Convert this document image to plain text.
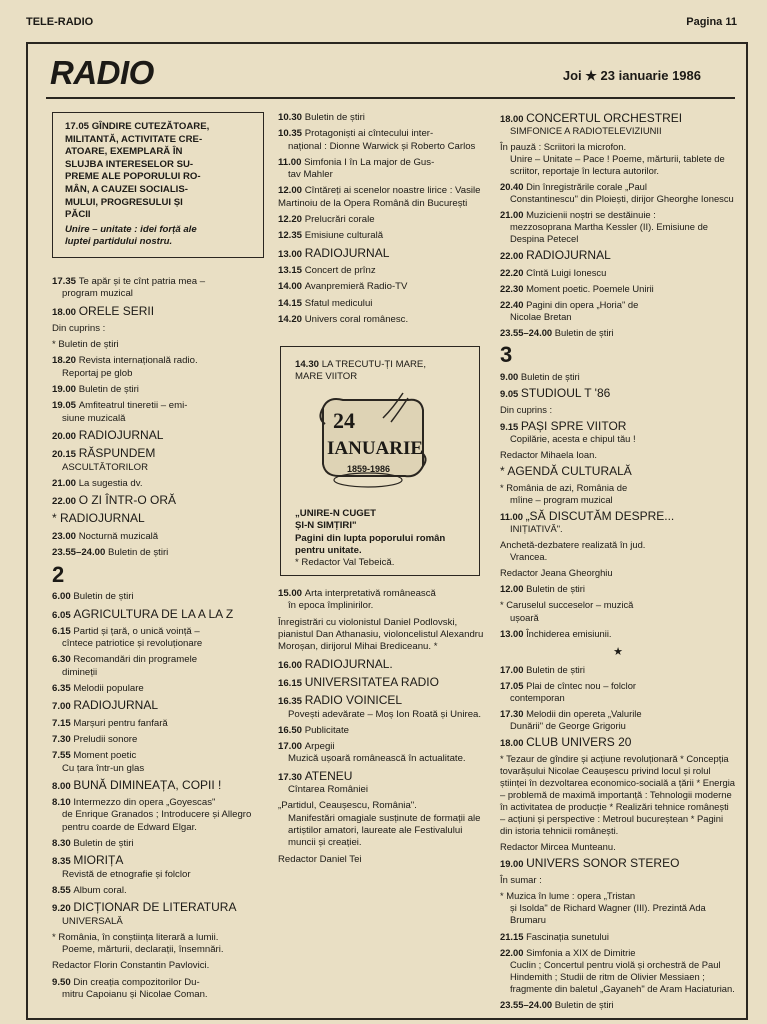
TELE-RADIO	Pagina 11
RADIO	Joi ★ 23 ianuarie 1986
17.05 GÎNDIRE CUTEZĂTOARE,
MILITANTĂ, ACTIVITATE CRE-
ATOARE, EXEMPLARĂ ÎN
SLUJBA INTERESELOR SU-
PREME ALE POPORULUI RO-
MÂN, A CAUZEI SOCIALIS-
MULUI, PROGRESULUI ȘI
PĂCII
Unire – unitate : idei forță ale
luptei partidului nostru.
17.35 Te apăr și te cînt patria mea –
program muzical
18.00 ORELE SERII
Din cuprins :
* Buletin de știri
18.20 Revista internațională radio.
Reportaj pe glob
19.00 Buletin de știri
19.05 Amfiteatrul tineretii – emi-
siune muzicală
20.00 RADIOJURNAL
20.15 RĂSPUNDEM
ASCULTĂTORILOR
21.00 La sugestia dv.
22.00 O ZI ÎNTR-O ORĂ
* RADIOJURNAL
23.00 Nocturnă muzicală
23.55–24.00 Buletin de știri
2
6.00 Buletin de știri
6.05 AGRICULTURA DE LA A LA Z
6.15 Partid și țară, o unică voință –
cîntece patriotice și revoluționare
6.30 Recomandări din programele
dimineții
6.35 Melodii populare
7.00 RADIOJURNAL
7.15 Marșuri pentru fanfară
7.30 Preludii sonore
7.55 Moment poetic
Cu țara într-un glas
8.00 BUNĂ DIMINEAȚA, COPII !
8.10 Intermezzo din opera „Goyescas"
de Enrique Granados ; Introducere și Allegro pentru coarde de Edward Elgar.
8.30 Buletin de știri
8.35 MIORIȚA
Revistă de etnografie și folclor
8.55 Album coral.
9.20 DICȚIONAR DE LITERATURA
UNIVERSALĂ
* România, în conștiința literară a lumii.
Poeme, mărturii, declarații, însemnări.
Redactor Florin Constantin Pavlovici.
9.50 Din creația compozitorilor Du-
mitru Capoianu și Nicolae Coman.
10.30 Buletin de știri
10.35 Protagoniști ai cîntecului inter-
național : Dionne Warwick și Roberto Carlos
11.00 Simfonia I în La major de Gus-
tav Mahler
12.00 Cîntăreți ai scenelor noastre lirice : Vasile Martinoiu de la Opera Română din București
12.20 Prelucrări corale
12.35 Emisiune culturală
13.00 RADIOJURNAL
13.15 Concert de prînz
14.00 Avanpremieră Radio-TV
14.15 Sfatul medicului
14.20 Univers coral românesc.
14.30 LA TRECUTU-ȚI MARE,
MARE VIITOR
24
IANUARIE
1859-1986
„UNIRE-N CUGET
ȘI-N SIMȚIRI"
Pagini din lupta poporului român pentru unitate.
* Redactor Val Tebeică.
15.00 Arta interpretativă românească
în epoca împlinirilor.
Înregistrări cu violonistul Daniel Podlovski, pianistul Dan Athanasiu, violoncelistul Alexandru Moroșan, dirijorul Mihai Brediceanu. *
16.00 RADIOJURNAL.
16.15 UNIVERSITATEA RADIO
16.35 RADIO VOINICEL
Povești adevărate – Moș Ion Roată și Unirea.
16.50 Publicitate
17.00 Arpegii
Muzică ușoară românească în actualitate.
17.30 ATENEU
Cîntarea României
„Partidul, Ceaușescu, România".
Manifestări omagiale susținute de formații ale artiștilor amatori, laureate ale Festivalului muncii și creației.
Redactor Daniel Tei
18.00 CONCERTUL ORCHESTREI
SIMFONICE A RADIOTELEVIZIUNII
În pauză : Scriitori la microfon.
Unire – Unitate – Pace ! Poeme, mărturii, tablete de scriitor, reportaje în lectura autorilor.
20.40 Din înregistrările corale „Paul
Constantinescu" din Ploiești, dirijor Gheorghe Ionescu
21.00 Muzicienii noștri se destăinuie :
mezzosoprana Martha Kessler (II). Emisiune de Despina Petecel
22.00 RADIOJURNAL
22.20 Cîntă Luigi Ionescu
22.30 Moment poetic. Poemele Unirii
22.40 Pagini din opera „Horia" de
Nicolae Bretan
23.55–24.00 Buletin de știri
3
9.00 Buletin de știri
9.05 STUDIOUL T '86
Din cuprins :
9.15 PAȘI SPRE VIITOR
Copilărie, acesta e chipul tău !
Redactor Mihaela Ioan.
* AGENDĂ CULTURALĂ
* România de azi, România de
mîine – program muzical
11.00 „SĂ DISCUTĂM DESPRE...
INIȚIATIVĂ".
Anchetă-dezbatere realizată în jud.
Vrancea.
Redactor Jeana Gheorghiu
12.00 Buletin de știri
* Caruselul succeselor – muzică
ușoară
13.00 Închiderea emisiunii.
★
17.00 Buletin de știri
17.05 Plai de cîntec nou – folclor
contemporan
17.30 Melodii din opereta „Valurile
Dunării" de George Grigoriu
18.00 CLUB UNIVERS 20
* Tezaur de gîndire și acțiune revoluționară * Concepția tovarășului Nicolae Ceaușescu privind locul și rolul științei în dezvoltarea economico-socială a țării * Energia – problemă de maximă importanță : Tehnologii moderne în activitatea de producție * Realizări tehnice românești – acțiuni și perspective : Metroul bucureștean * Pagini din istoria tehnicii românești.
Redactor Mircea Munteanu.
19.00 UNIVERS SONOR STEREO
În sumar :
* Muzica în lume : opera „Tristan
și Isolda" de Richard Wagner (III). Prezintă Ada Brumaru
21.15 Fascinația sunetului
22.00 Simfonia a XIX de Dimitrie
Cuclin ; Concertul pentru violă și orchestră de Paul Hindemith ; Studii de ritm de Olivier Messiaen ; fragmente din baletul „Gayaneh" de Aram Haciaturian.
23.55–24.00 Buletin de știri
